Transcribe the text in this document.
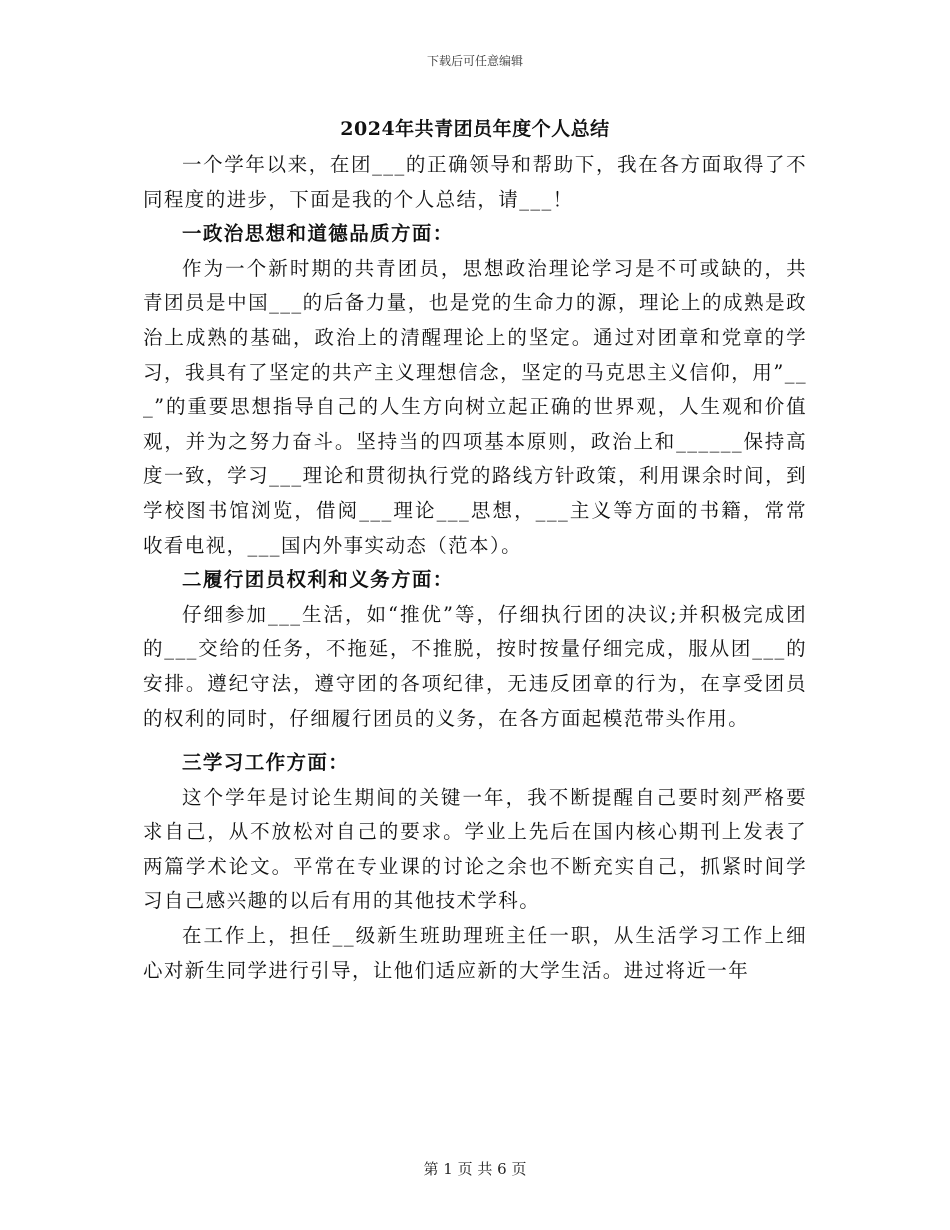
下载后可任意编辑
2024年共青团员年度个人总结

一个学年以来，在团___的正确领导和帮助下，我在各方面取得了不同程度的进步，下面是我的个人总结，请___！

一政治思想和道德品质方面：

作为一个新时期的共青团员，思想政治理论学习是不可或缺的，共青团员是中国___的后备力量，也是党的生命力的源，理论上的成熟是政治上成熟的基础，政治上的清醒理论上的坚定。通过对团章和党章的学习，我具有了坚定的共产主义理想信念，坚定的马克思主义信仰，用”___”的重要思想指导自己的人生方向树立起正确的世界观，人生观和价值观，并为之努力奋斗。坚持当的四项基本原则，政治上和______保持高度一致，学习___理论和贯彻执行党的路线方针政策，利用课余时间，到学校图书馆浏览，借阅___理论___思想，___主义等方面的书籍，常常收看电视，___国内外事实动态（范本）。

二履行团员权利和义务方面：

仔细参加___生活，如“推优”等，仔细执行团的决议;并积极完成团的___交给的任务，不拖延，不推脱，按时按量仔细完成，服从团___的安排。遵纪守法，遵守团的各项纪律，无违反团章的行为，在享受团员的权利的同时，仔细履行团员的义务，在各方面起模范带头作用。

三学习工作方面：

这个学年是讨论生期间的关键一年，我不断提醒自己要时刻严格要求自己，从不放松对自己的要求。学业上先后在国内核心期刊上发表了两篇学术论文。平常在专业课的讨论之余也不断充实自己，抓紧时间学习自己感兴趣的以后有用的其他技术学科。

在工作上，担任__级新生班助理班主任一职，从生活学习工作上细心对新生同学进行引导，让他们适应新的大学生活。进过将近一年

第 1 页 共 6 页
